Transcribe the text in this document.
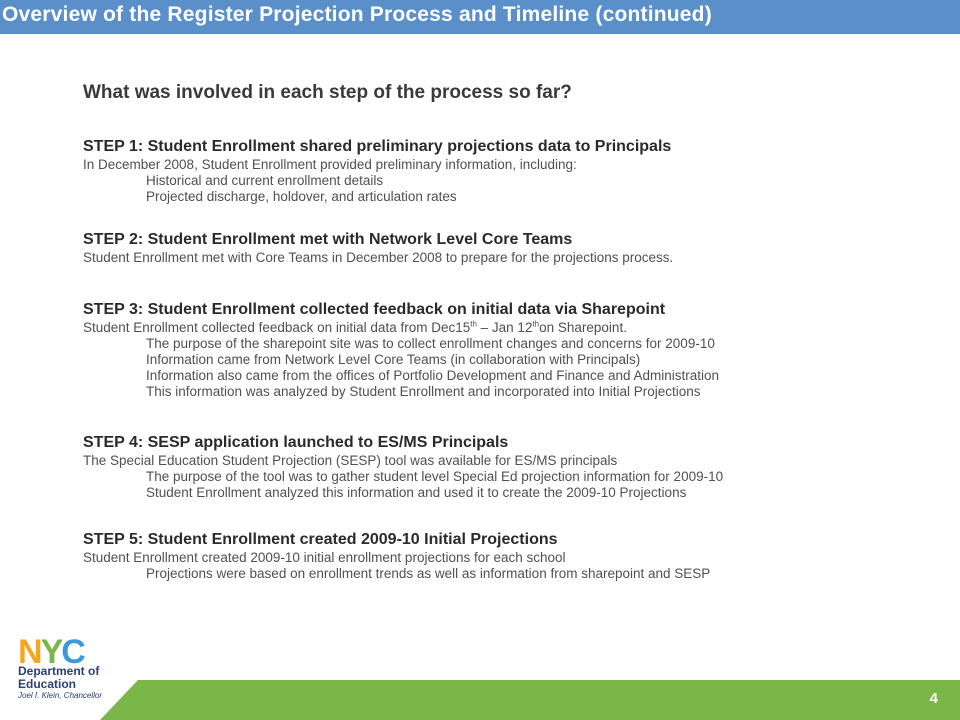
Overview of the Register Projection Process and Timeline (continued)
What was involved in each step of the process so far?
STEP 1: Student Enrollment shared preliminary projections data to Principals
In December 2008, Student Enrollment provided preliminary information, including:
Historical and current enrollment details
Projected discharge, holdover, and articulation rates
STEP 2: Student Enrollment met with Network Level Core Teams
Student Enrollment met with Core Teams in December 2008 to prepare for the projections process.
STEP 3: Student Enrollment collected feedback on initial data via Sharepoint
Student Enrollment collected feedback on initial data from Dec15th – Jan 12thon Sharepoint.
The purpose of the sharepoint site was to collect enrollment changes and concerns for 2009-10
Information came from Network Level Core Teams (in collaboration with Principals)
Information also came from the offices of Portfolio Development and Finance and Administration
This information was analyzed by Student Enrollment and incorporated into Initial Projections
STEP 4: SESP application launched to ES/MS Principals
The Special Education Student Projection (SESP) tool was available for ES/MS principals
The purpose of the tool was to gather student level Special Ed projection information for 2009-10
Student Enrollment analyzed this information and used it to create the 2009-10 Projections
STEP 5: Student Enrollment created 2009-10 Initial Projections
Student Enrollment created 2009-10 initial enrollment projections for each school
Projections were based on enrollment trends as well as information from sharepoint and SESP
NYC
Department of
Education
Joel I. Klein, Chancellor	4
